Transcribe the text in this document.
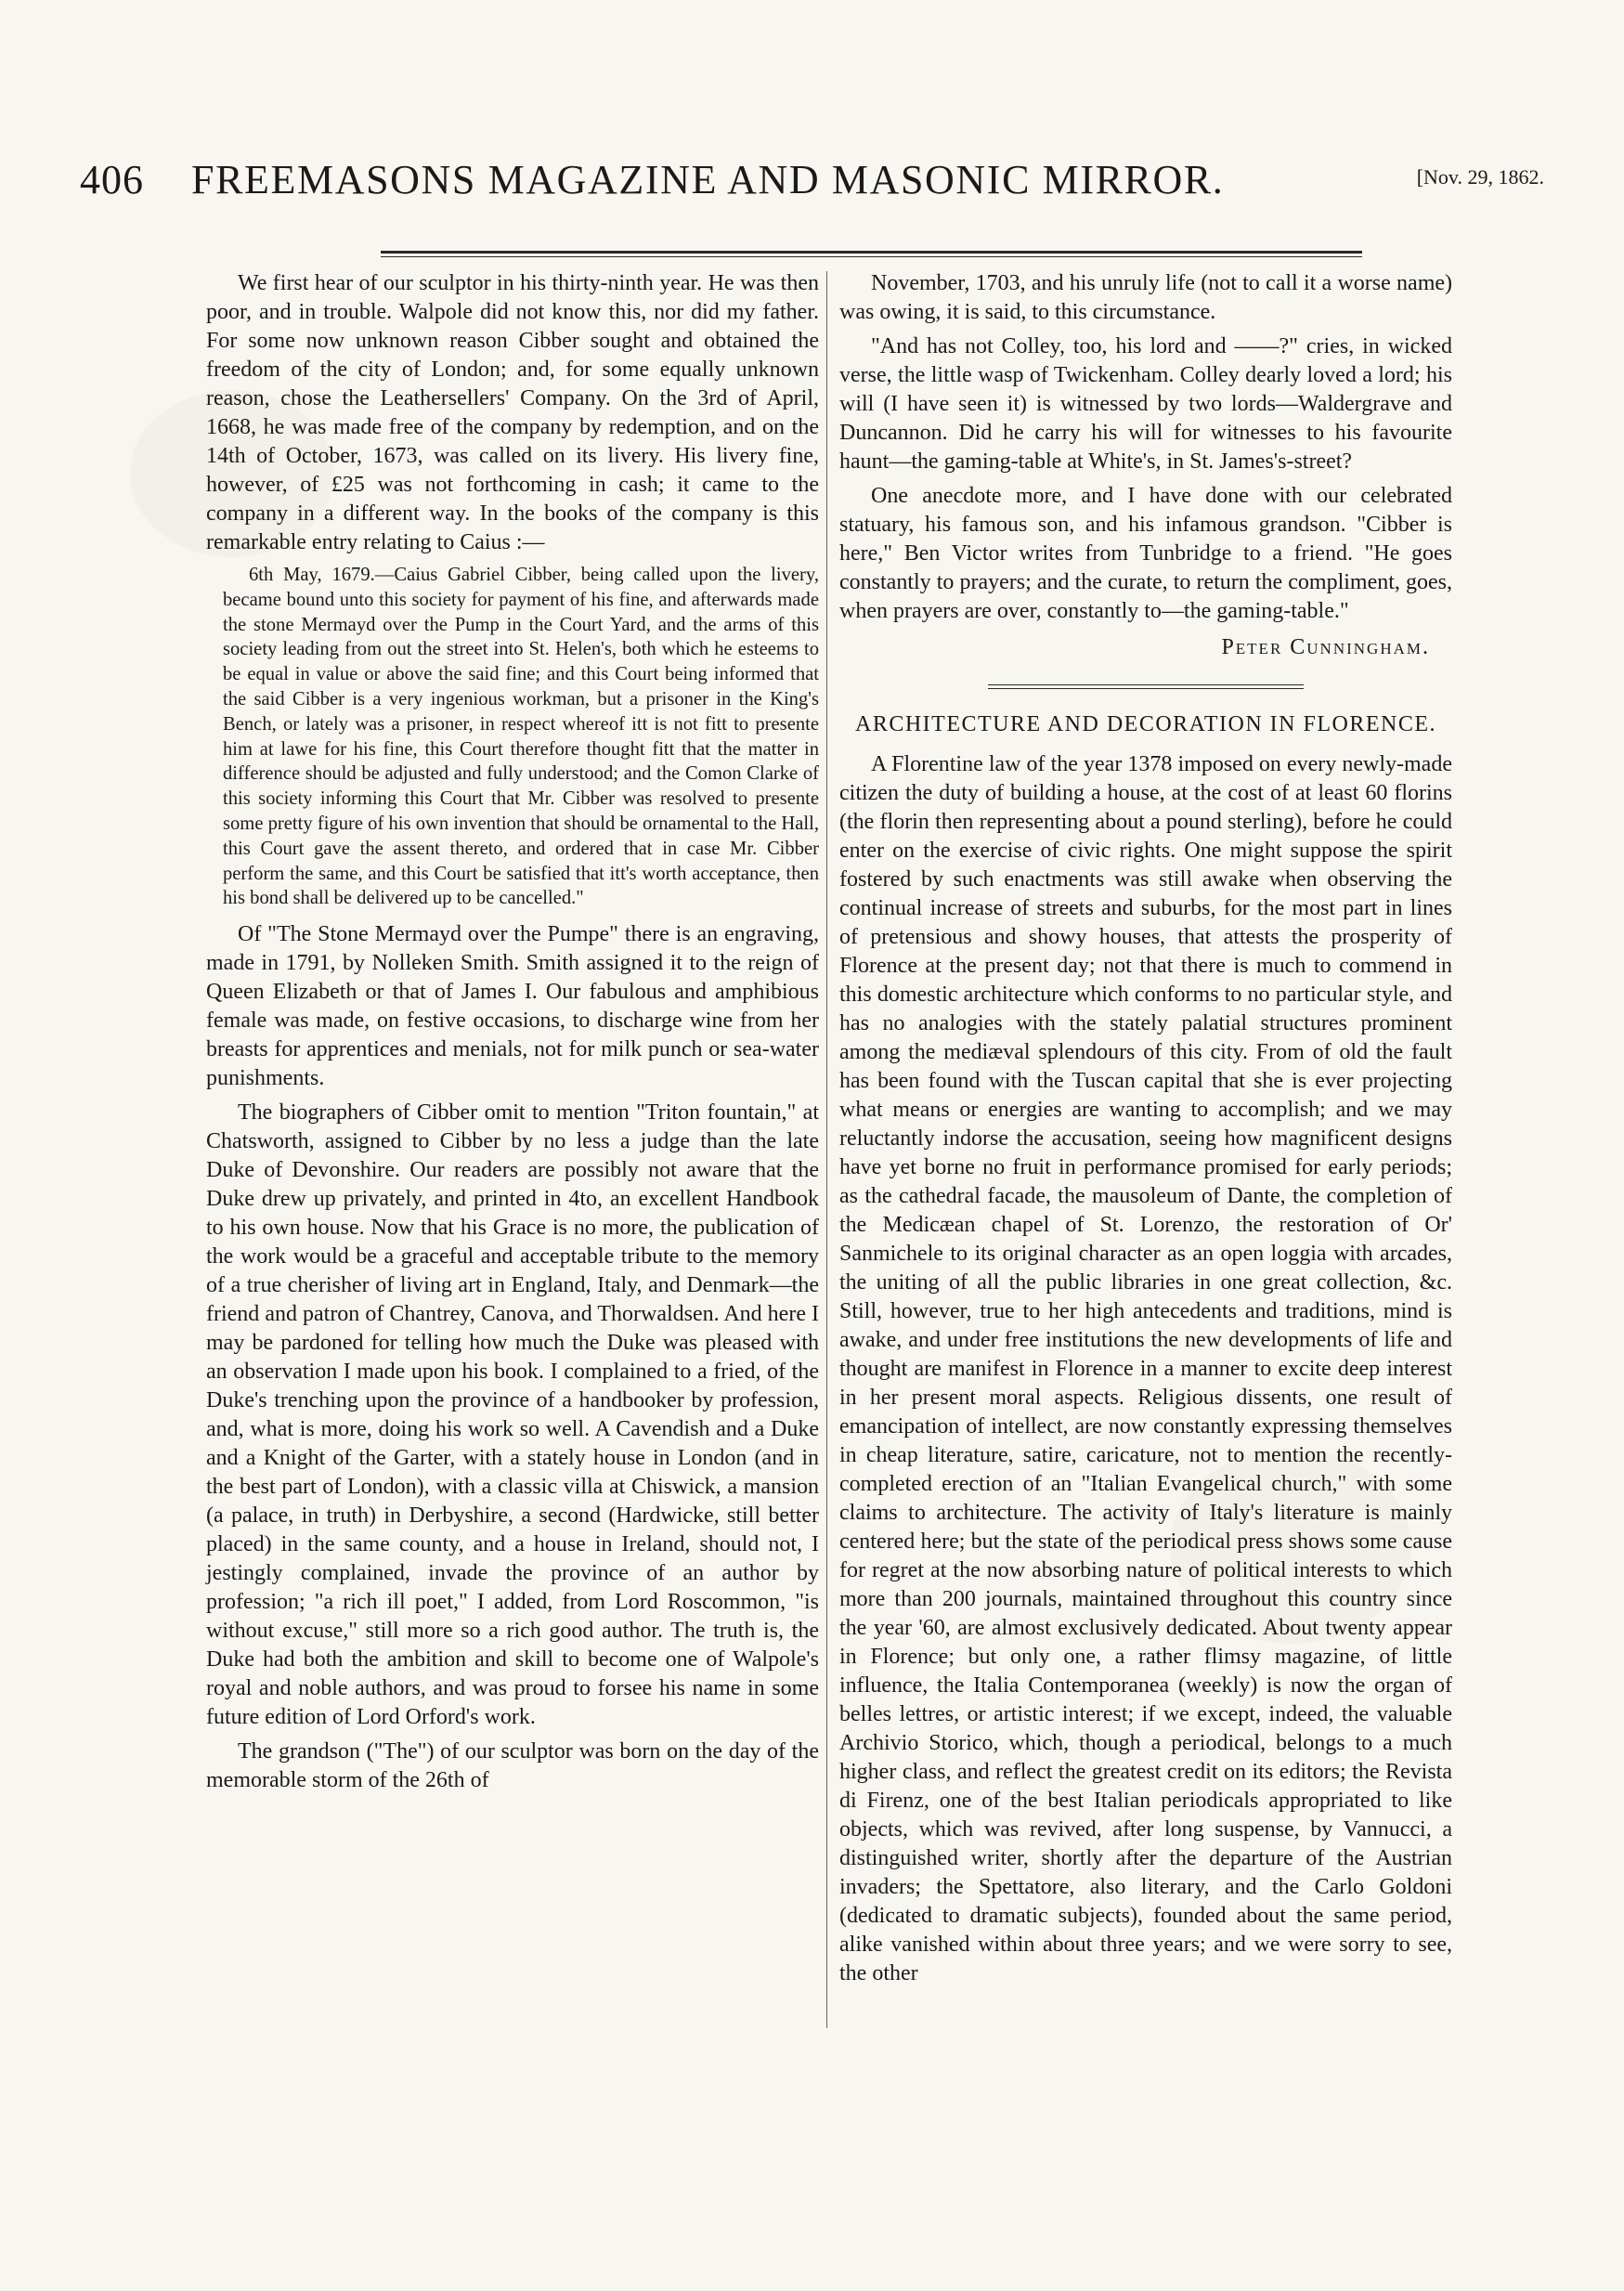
406 FREEMASONS MAGAZINE AND MASONIC MIRROR.	[Nov. 29, 1862.

We first hear of our sculptor in his thirty-ninth year. He was then poor, and in trouble. Walpole did not know this, nor did my father. For some now unknown reason Cibber sought and obtained the freedom of the city of London; and, for some equally unknown reason, chose the Leathersellers' Company. On the 3rd of April, 1668, he was made free of the company by redemption, and on the 14th of October, 1673, was called on its livery. His livery fine, however, of £25 was not forthcoming in cash; it came to the company in a different way. In the books of the company is this remarkable entry relating to Caius :—

6th May, 1679.—Caius Gabriel Cibber, being called upon the livery, became bound unto this society for payment of his fine, and afterwards made the stone Mermayd over the Pump in the Court Yard, and the arms of this society leading from out the street into St. Helen's, both which he esteems to be equal in value or above the said fine; and this Court being informed that the said Cibber is a very ingenious workman, but a prisoner in the King's Bench, or lately was a prisoner, in respect whereof itt is not fitt to presente him at lawe for his fine, this Court therefore thought fitt that the matter in difference should be adjusted and fully understood; and the Comon Clarke of this society informing this Court that Mr. Cibber was resolved to presente some pretty figure of his own invention that should be ornamental to the Hall, this Court gave the assent thereto, and ordered that in case Mr. Cibber perform the same, and this Court be satisfied that itt's worth acceptance, then his bond shall be delivered up to be cancelled."

Of "The Stone Mermayd over the Pumpe" there is an engraving, made in 1791, by Nolleken Smith. Smith assigned it to the reign of Queen Elizabeth or that of James I. Our fabulous and amphibious female was made, on festive occasions, to discharge wine from her breasts for apprentices and menials, not for milk punch or sea-water punishments.

The biographers of Cibber omit to mention "Triton fountain," at Chatsworth, assigned to Cibber by no less a judge than the late Duke of Devonshire. Our readers are possibly not aware that the Duke drew up privately, and printed in 4to, an excellent Handbook to his own house. Now that his Grace is no more, the publication of the work would be a graceful and acceptable tribute to the memory of a true cherisher of living art in England, Italy, and Denmark—the friend and patron of Chantrey, Canova, and Thorwaldsen. And here I may be pardoned for telling how much the Duke was pleased with an observation I made upon his book. I complained to a fried, of the Duke's trenching upon the province of a handbooker by profession, and, what is more, doing his work so well. A Cavendish and a Duke and a Knight of the Garter, with a stately house in London (and in the best part of London), with a classic villa at Chiswick, a mansion (a palace, in truth) in Derbyshire, a second (Hardwicke, still better placed) in the same county, and a house in Ireland, should not, I jestingly complained, invade the province of an author by profession; "a rich ill poet," I added, from Lord Roscommon, "is without excuse," still more so a rich good author. The truth is, the Duke had both the ambition and skill to become one of Walpole's royal and noble authors, and was proud to forsee his name in some future edition of Lord Orford's work.

The grandson ("The") of our sculptor was born on the day of the memorable storm of the 26th of

November, 1703, and his unruly life (not to call it a worse name) was owing, it is said, to this circumstance.

"And has not Colley, too, his lord and ——?" cries, in wicked verse, the little wasp of Twickenham. Colley dearly loved a lord; his will (I have seen it) is witnessed by two lords—Waldergrave and Duncannon. Did he carry his will for witnesses to his favourite haunt—the gaming-table at White's, in St. James's-street?

One anecdote more, and I have done with our celebrated statuary, his famous son, and his infamous grandson. "Cibber is here," Ben Victor writes from Tunbridge to a friend. "He goes constantly to prayers; and the curate, to return the compliment, goes, when prayers are over, constantly to—the gaming-table."

Peter Cunningham.
ARCHITECTURE AND DECORATION IN FLORENCE.

A Florentine law of the year 1378 imposed on every newly-made citizen the duty of building a house, at the cost of at least 60 florins (the florin then representing about a pound sterling), before he could enter on the exercise of civic rights. One might suppose the spirit fostered by such enactments was still awake when observing the continual increase of streets and suburbs, for the most part in lines of pretensious and showy houses, that attests the prosperity of Florence at the present day; not that there is much to commend in this domestic architecture which conforms to no particular style, and has no analogies with the stately palatial structures prominent among the mediæval splendours of this city. From of old the fault has been found with the Tuscan capital that she is ever projecting what means or energies are wanting to accomplish; and we may reluctantly indorse the accusation, seeing how magnificent designs have yet borne no fruit in performance promised for early periods; as the cathedral facade, the mausoleum of Dante, the completion of the Medicæan chapel of St. Lorenzo, the restoration of Or' Sanmichele to its original character as an open loggia with arcades, the uniting of all the public libraries in one great collection, &c. Still, however, true to her high antecedents and traditions, mind is awake, and under free institutions the new developments of life and thought are manifest in Florence in a manner to excite deep interest in her present moral aspects. Religious dissents, one result of emancipation of intellect, are now constantly expressing themselves in cheap literature, satire, caricature, not to mention the recently-completed erection of an "Italian Evangelical church," with some claims to architecture. The activity of Italy's literature is mainly centered here; but the state of the periodical press shows some cause for regret at the now absorbing nature of political interests to which more than 200 journals, maintained throughout this country since the year '60, are almost exclusively dedicated. About twenty appear in Florence; but only one, a rather flimsy magazine, of little influence, the Italia Contemporanea (weekly) is now the organ of belles lettres, or artistic interest; if we except, indeed, the valuable Archivio Storico, which, though a periodical, belongs to a much higher class, and reflect the greatest credit on its editors; the Revista di Firenz, one of the best Italian periodicals appropriated to like objects, which was revived, after long suspense, by Vannucci, a distinguished writer, shortly after the departure of the Austrian invaders; the Spettatore, also literary, and the Carlo Goldoni (dedicated to dramatic subjects), founded about the same period, alike vanished within about three years; and we were sorry to see, the other
